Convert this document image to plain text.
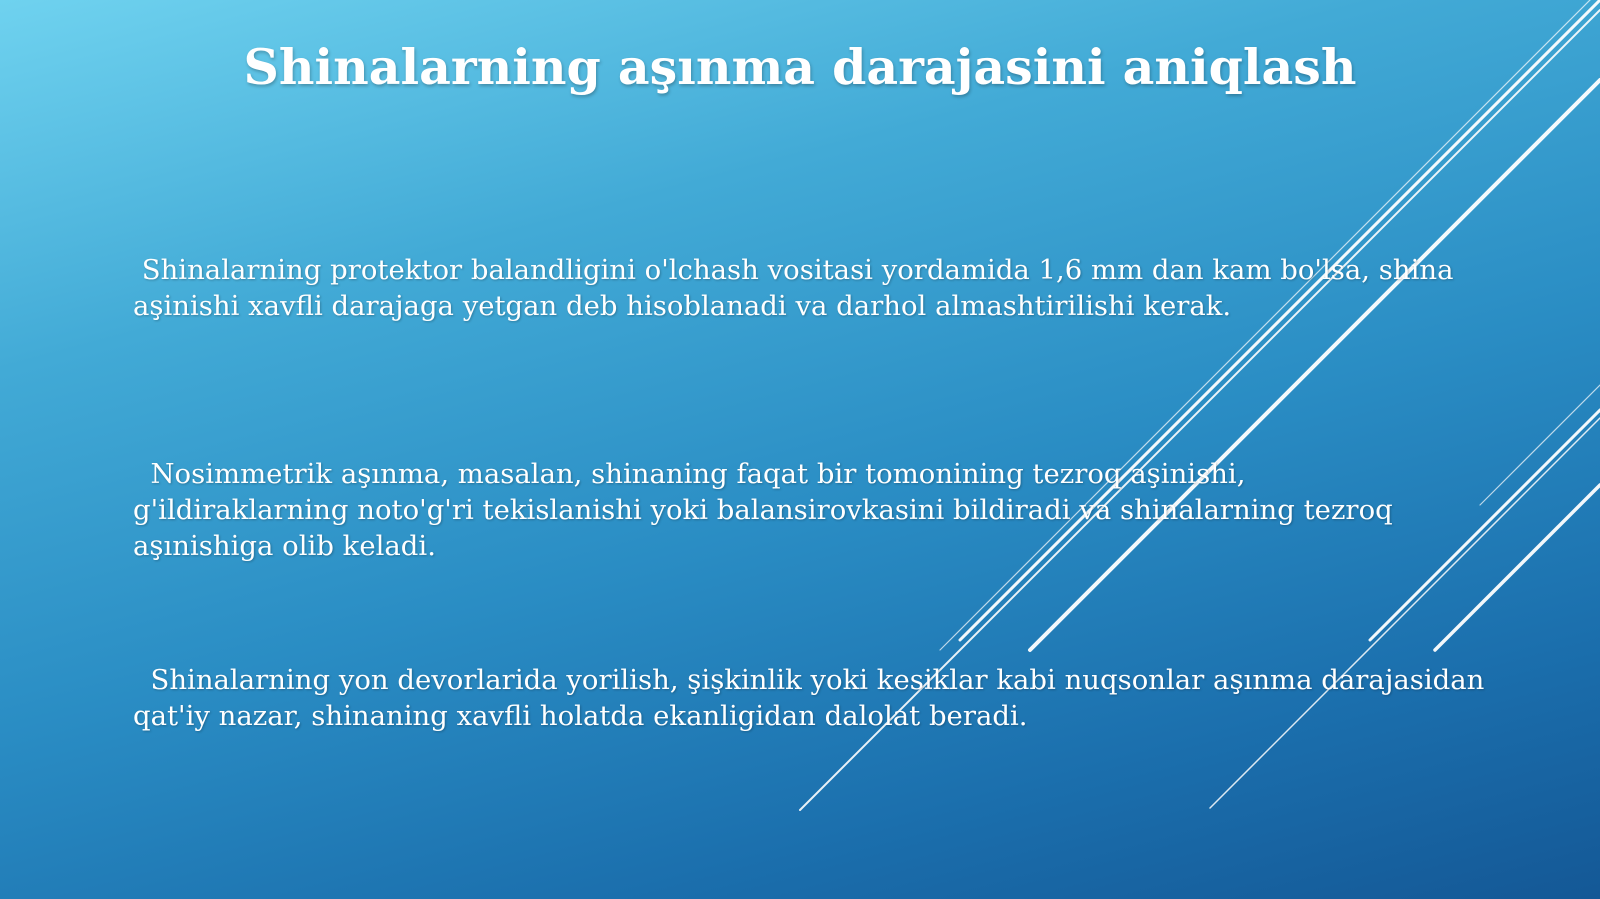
Shinalarning aşınma darajasini aniqlash
Shinalarning protektor balandligini o'lchash vositasi yordamida 1,6 mm dan kam bo'lsa, shina
aşinishi xavfli darajaga yetgan deb hisoblanadi va darhol almashtirilishi kerak.
Nosimmetrik aşınma, masalan, shinaning faqat bir tomonining tezroq aşinishi,
g'ildiraklarning noto'g'ri tekislanishi yoki balansirovkasini bildiradi va shinalarning tezroq
aşınishiga olib keladi.
Shinalarning yon devorlarida yorilish, şişkinlik yoki kesiklar kabi nuqsonlar aşınma darajasidan
qat'iy nazar, shinaning xavfli holatda ekanligidan dalolat beradi.
